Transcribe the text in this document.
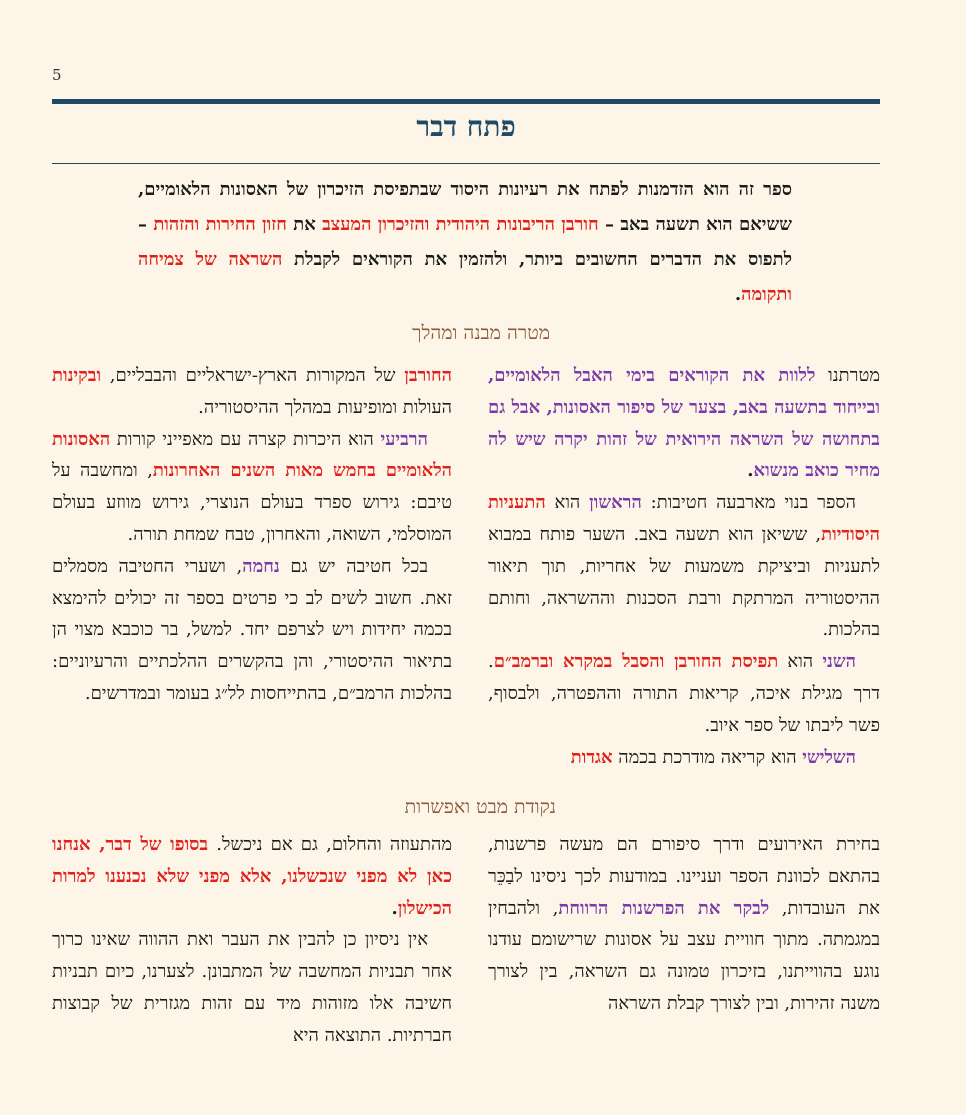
5
פתח דבר
ספר זה הוא הזדמנות לפתח את רעיונות היסוד שבתפיסת הזיכרון של האסונות הלאומיים, ששיאם הוא תשעה באב – חורבן הריבונות היהודית והזיכרון המעצב את חזון החירות והזהות – לתפוס את הדברים החשובים ביותר, ולהזמין את הקוראים לקבלת השראה של צמיחה ותקומה.
מטרה מבנה ומהלך

מטרתנו ללוות את הקוראים בימי האבל הלאומיים, ובייחוד בתשעה באב, בצער של סיפור האסונות, אבל גם בתחושה של השראה הירואית של זהות יקרה שיש לה מחיר כואב מנשוא.

הספר בנוי מארבעה חטיבות: הראשון הוא התעניות היסודיות, ששיאן הוא תשעה באב. השער פותח במבוא לתעניות וביציקת משמעות של אחריות, תוך תיאור ההיסטוריה המרתקת ורבת הסכנות וההשראה, וחותם בהלכות.

השני הוא תפיסת החורבן והסבל במקרא וברמב״ם. דרך מגילת איכה, קריאות התורה וההפטרה, ולבסוף, פשר ליבתו של ספר איוב.

השלישי הוא קריאה מודרכת בכמה אגדות

החורבן של המקורות הארץ-ישראליים והבבליים, ובקינות העולות ומופיעות במהלך ההיסטוריה.

הרביעי הוא היכרות קצרה עם מאפייני קורות האסונות הלאומיים בחמש מאות השנים האחרונות, ומחשבה על טיבם: גירוש ספרד בעולם הנוצרי, גירוש מווזע בעולם המוסלמי, השואה, והאחרון, טבח שמחת תורה.

בכל חטיבה יש גם נחמה, ושערי החטיבה מסמלים זאת. חשוב לשים לב כי פרטים בספר זה יכולים להימצא בכמה יחידות ויש לצרפם יחד. למשל, בר כוכבא מצוי הן בתיאור ההיסטורי, והן בהקשרים ההלכתיים והרעיוניים: בהלכות הרמב״ם, בהתייחסות לל״ג בעומר ובמדרשים.

נקודת מבט ואפשרות

בחירת האירועים ודרך סיפורם הם מעשה פרשנות, בהתאם לכוונת הספר ועניינו. במודעות לכך ניסינו לבַכֵּר את העובדות, לבקר את הפרשנות הרווחת, ולהבחין במגמתה. מתוך חוויית עצב על אסונות שרישומם עודנו נוגע בהווייתנו, בזיכרון טמונה גם השראה, בין לצורך משנה זהירות, ובין לצורך קבלת השראה

מהתעוזה והחלום, גם אם ניכשל. בסופו של דבר, אנחנו כאן לא מפני שנכשלנו, אלא מפני שלא נכנענו למרות הכישלון.

אין ניסיון כן להבין את העבר ואת ההווה שאינו כרוך אחר תבניות המחשבה של המתבונן. לצערנו, כיום תבניות חשיבה אלו מזוהות מיד עם זהות מגזרית של קבוצות חברתיות. התוצאה היא
